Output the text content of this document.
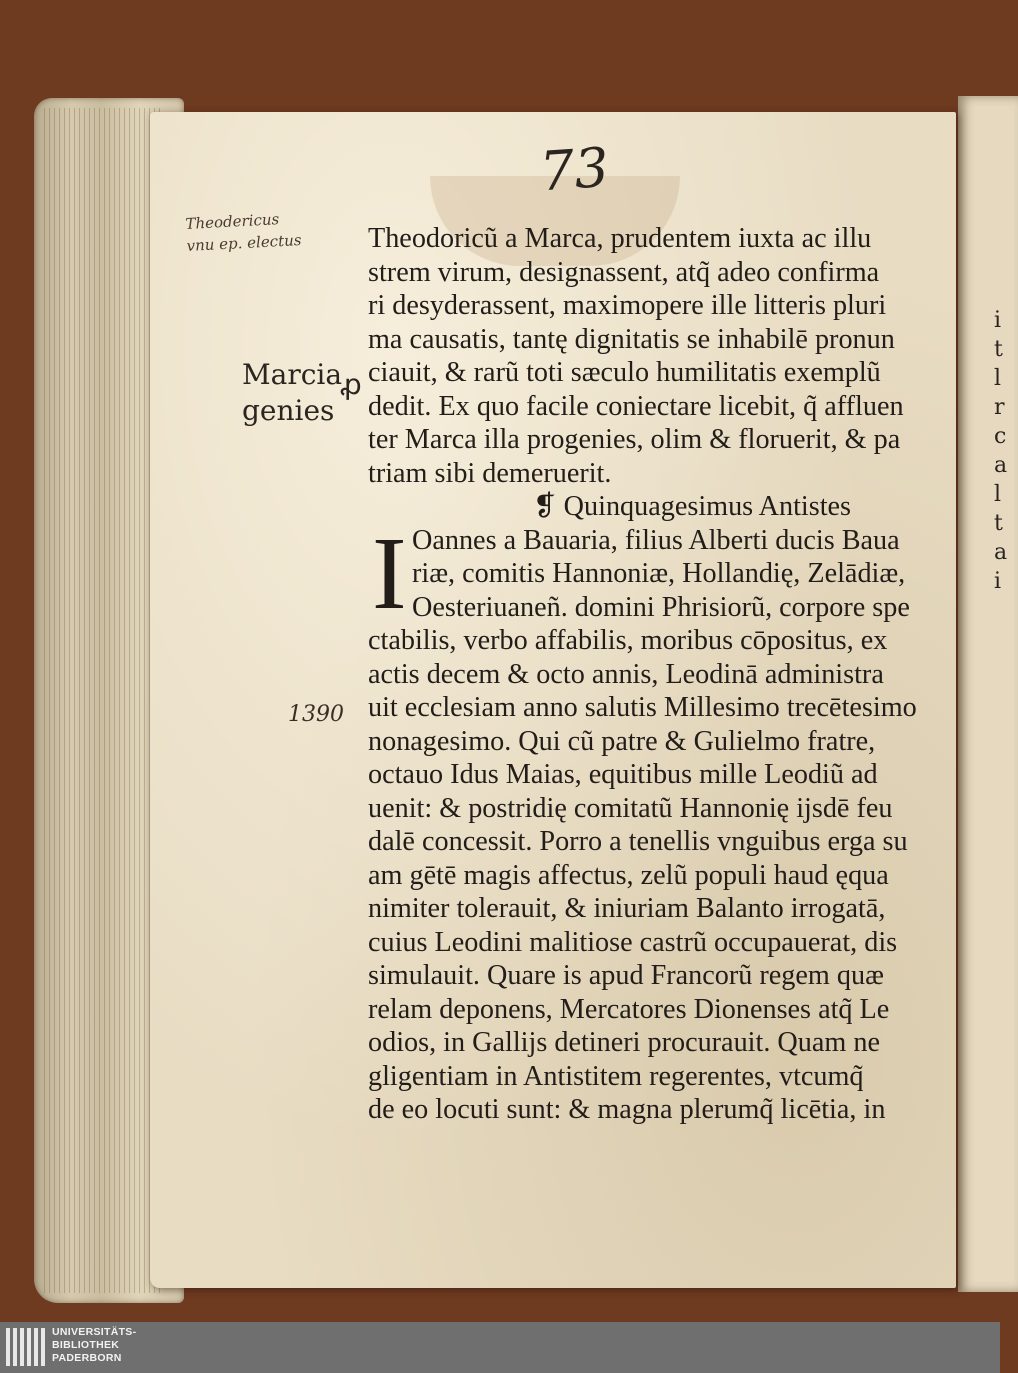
i
t
l
r
c
a
l
t
a
i
73
Theodericus
vnu ep. electus
Marcia
genies
ꝓ
1390
I
Theodoricũ a Marca, prudentem iuxta ac illu
strem virum, designassent, atq̃ adeo confirma
ri desyderassent, maximopere ille litteris pluri
ma causatis, tantę dignitatis se inhabilē pronun
ciauit, & rarũ toti sæculo humilitatis exemplũ
dedit. Ex quo facile coniectare licebit, q̃ affluen
ter Marca illa progenies, olim & floruerit, & pa
triam sibi demeruerit.
❡ Quinquagesimus Antistes
Oannes a Bauaria, filius Alberti ducis Baua
riæ, comitis Hannoniæ, Hollandię, Zelādiæ,
Oesteriuaneñ. domini Phrisiorũ, corpore spe
ctabilis, verbo affabilis, moribus cōpositus, ex
actis decem & octo annis, Leodinā administra
uit ecclesiam anno salutis Millesimo trecētesimo
nonagesimo. Qui cũ patre & Gulielmo fratre,
octauo Idus Maias, equitibus mille Leodiũ ad
uenit: & postridię comitatũ Hannonię ijsdē feu
dalē concessit. Porro a tenellis vnguibus erga su
am gētē magis affectus, zelũ populi haud ęqua
nimiter tolerauit, & iniuriam Balanto irrogatā,
cuius Leodini malitiose castrũ occupauerat, dis
simulauit. Quare is apud Francorũ regem quæ
relam deponens, Mercatores Dionenses atq̃ Le
odios, in Gallijs detineri procurauit. Quam ne
gligentiam in Antistitem regerentes, vtcumq̃
de eo locuti sunt: & magna plerumq̃ licētia, in
UNIVERSITÄTS-
BIBLIOTHEK
PADERBORN
